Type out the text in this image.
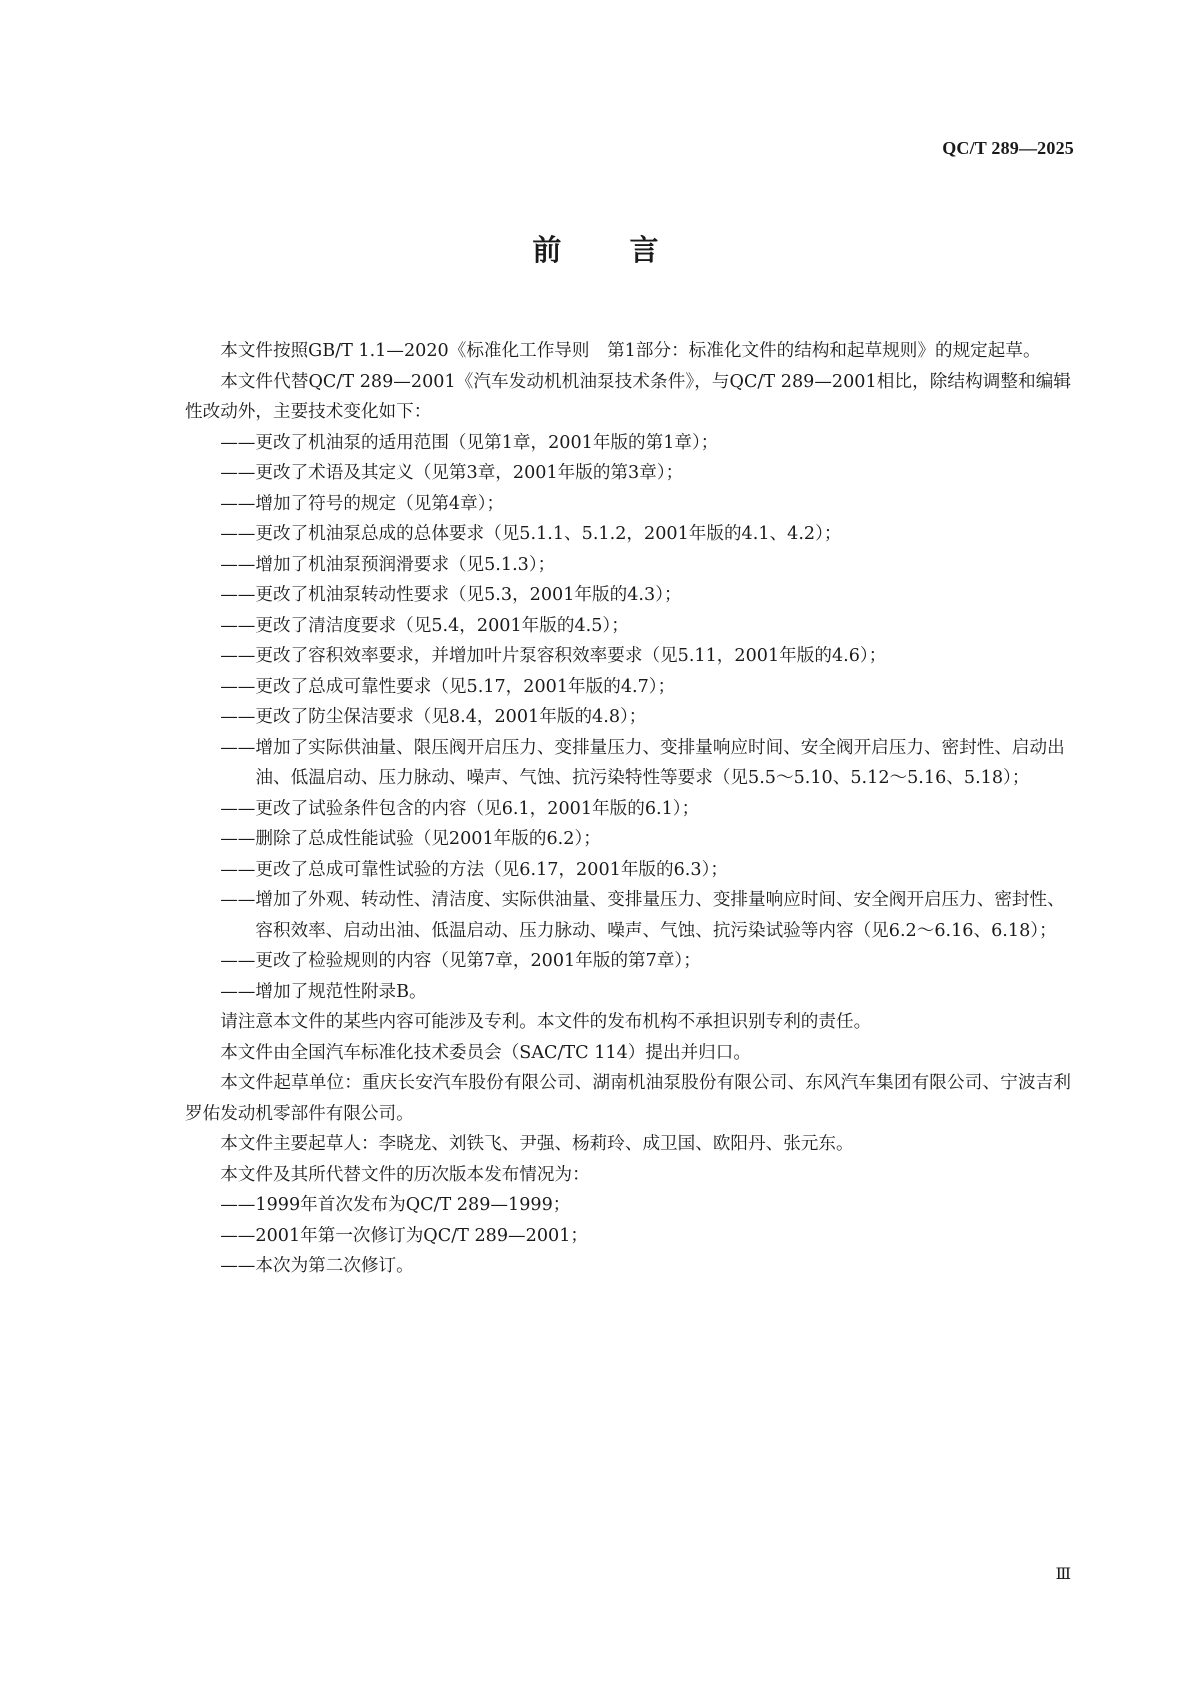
QC/T 289—2025
前 言

本文件按照GB/T 1.1—2020《标准化工作导则　第1部分：标准化文件的结构和起草规则》的规定起草。

本文件代替QC/T 289—2001《汽车发动机机油泵技术条件》，与QC/T 289—2001相比，除结构调整和编辑性改动外，主要技术变化如下：

——更改了机油泵的适用范围（见第1章，2001年版的第1章）；

——更改了术语及其定义（见第3章，2001年版的第3章）；

——增加了符号的规定（见第4章）；

——更改了机油泵总成的总体要求（见5.1.1、5.1.2，2001年版的4.1、4.2）；

——增加了机油泵预润滑要求（见5.1.3）；

——更改了机油泵转动性要求（见5.3，2001年版的4.3）；

——更改了清洁度要求（见5.4，2001年版的4.5）；

——更改了容积效率要求，并增加叶片泵容积效率要求（见5.11，2001年版的4.6）；

——更改了总成可靠性要求（见5.17，2001年版的4.7）；

——更改了防尘保洁要求（见8.4，2001年版的4.8）；

——增加了实际供油量、限压阀开启压力、变排量压力、变排量响应时间、安全阀开启压力、密封性、启动出油、低温启动、压力脉动、噪声、气蚀、抗污染特性等要求（见5.5～5.10、5.12～5.16、5.18）；

——更改了试验条件包含的内容（见6.1，2001年版的6.1）；

——删除了总成性能试验（见2001年版的6.2）；

——更改了总成可靠性试验的方法（见6.17，2001年版的6.3）；

——增加了外观、转动性、清洁度、实际供油量、变排量压力、变排量响应时间、安全阀开启压力、密封性、容积效率、启动出油、低温启动、压力脉动、噪声、气蚀、抗污染试验等内容（见6.2～6.16、6.18）；

——更改了检验规则的内容（见第7章，2001年版的第7章）；

——增加了规范性附录B。

请注意本文件的某些内容可能涉及专利。本文件的发布机构不承担识别专利的责任。

本文件由全国汽车标准化技术委员会（SAC/TC 114）提出并归口。

本文件起草单位：重庆长安汽车股份有限公司、湖南机油泵股份有限公司、东风汽车集团有限公司、宁波吉利罗佑发动机零部件有限公司。

本文件主要起草人：李晓龙、刘铁飞、尹强、杨莉玲、成卫国、欧阳丹、张元东。

本文件及其所代替文件的历次版本发布情况为：

——1999年首次发布为QC/T 289—1999；

——2001年第一次修订为QC/T 289—2001；

——本次为第二次修订。

Ⅲ
